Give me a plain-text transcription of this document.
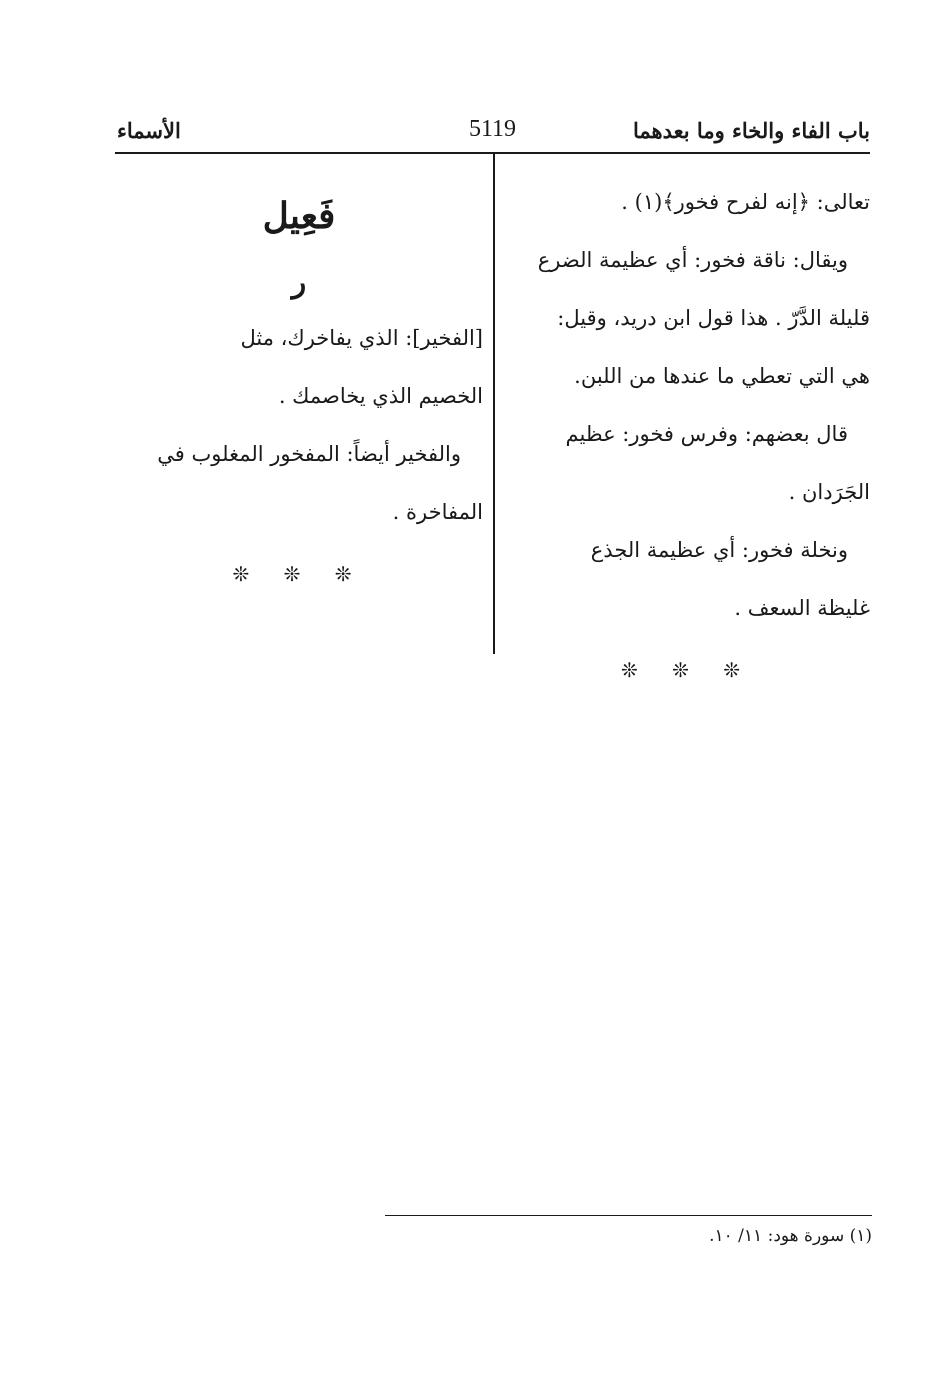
باب الفاء والخاء وما بعدهما
5119
الأسماء

تعالى: ﴿إنه لفرح فخور﴾(١) .

ويقال: ناقة فخور: أي عظيمة الضرع

قليلة الدَّرّ . هذا قول ابن دريد، وقيل:

هي التي تعطي ما عندها من اللبن.

قال بعضهم: وفرس فخور: عظيم

الجَرَدان .

ونخلة فخور: أي عظيمة الجذع

غليظة السعف .

❊ ❊ ❊

فَعِيل

ر

[الفخير]: الذي يفاخرك، مثل

الخصيم الذي يخاصمك .

والفخير أيضاً: المفخور المغلوب في

المفاخرة .

❊ ❊ ❊

(١) سورة هود: ١١/ ١٠.
